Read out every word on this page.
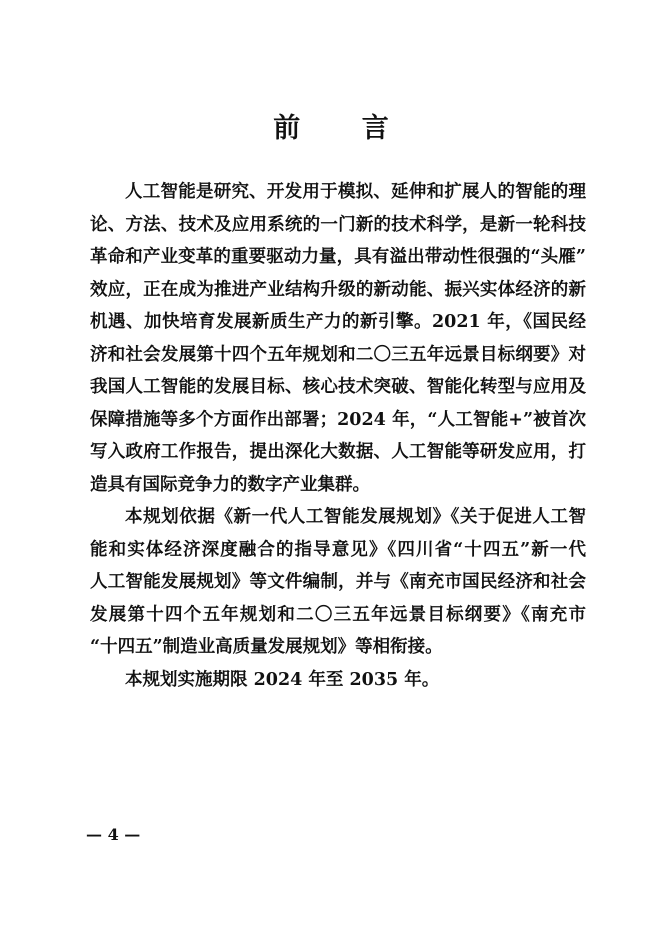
前 言
人工智能是研究、开发用于模拟、延伸和扩展人的智能的理
论、方法、技术及应用系统的一门新的技术科学，是新一轮科技
革命和产业变革的重要驱动力量，具有溢出带动性很强的“头雁”
效应，正在成为推进产业结构升级的新动能、振兴实体经济的新
机遇、加快培育发展新质生产力的新引擎。2021 年，《国民经
济和社会发展第十四个五年规划和二〇三五年远景目标纲要》对
我国人工智能的发展目标、核心技术突破、智能化转型与应用及
保障措施等多个方面作出部署；2024 年，“人工智能+”被首次
写入政府工作报告，提出深化大数据、人工智能等研发应用，打
造具有国际竞争力的数字产业集群。
本规划依据《新一代人工智能发展规划》《关于促进人工智
能和实体经济深度融合的指导意见》《四川省“十四五”新一代
人工智能发展规划》等文件编制，并与《南充市国民经济和社会
发展第十四个五年规划和二〇三五年远景目标纲要》《南充市
“十四五”制造业高质量发展规划》等相衔接。
本规划实施期限 2024 年至 2035 年。
— 4 —
